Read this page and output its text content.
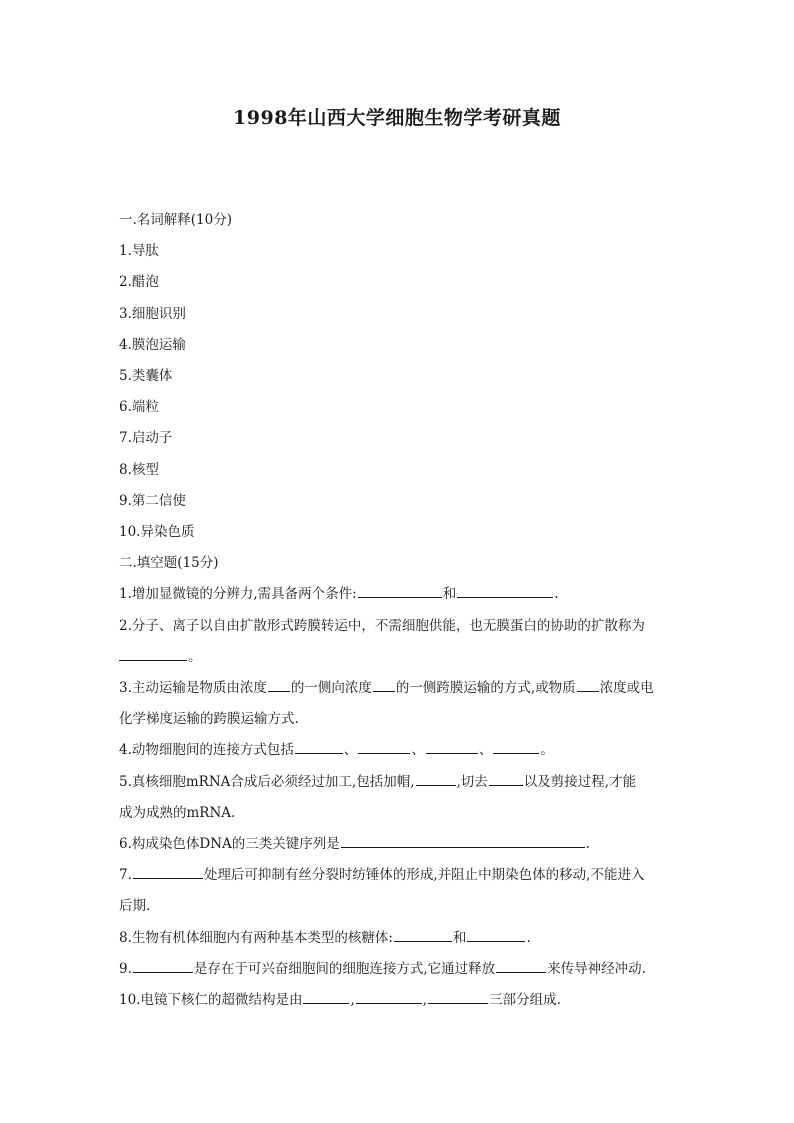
1998年山西大学细胞生物学考研真题
一.名词解释(10分)
1.导肽
2.醋泡
3.细胞识别
4.膜泡运输
5.类囊体
6.端粒
7.启动子
8.核型
9.第二信使
10.异染色质
二.填空题(15分)
1.增加显微镜的分辨力,需具备两个条件:	和	.
2.分子、离子以自由扩散形式跨膜转运中，不需细胞供能，也无膜蛋白的协助的扩散称为
。
3.主动运输是物质由浓度 的一侧向浓度 的一侧跨膜运输的方式,或物质 浓度或电
化学梯度运输的跨膜运输方式.
4.动物细胞间的连接方式包括	、	、	、	。
5.真核细胞mRNA合成后必须经过加工,包括加帽,	,切去	以及剪接过程,才能
成为成熟的mRNA.
6.构成染色体DNA的三类关键序列是	.
7.	处理后可抑制有丝分裂时纺锤体的形成,并阻止中期染色体的移动,不能进入
后期.
8.生物有机体细胞内有两种基本类型的核糖体:	和	.
9.	是存在于可兴奋细胞间的细胞连接方式,它通过释放	来传导神经冲动.
10.电镜下核仁的超微结构是由	,	,	三部分组成.
